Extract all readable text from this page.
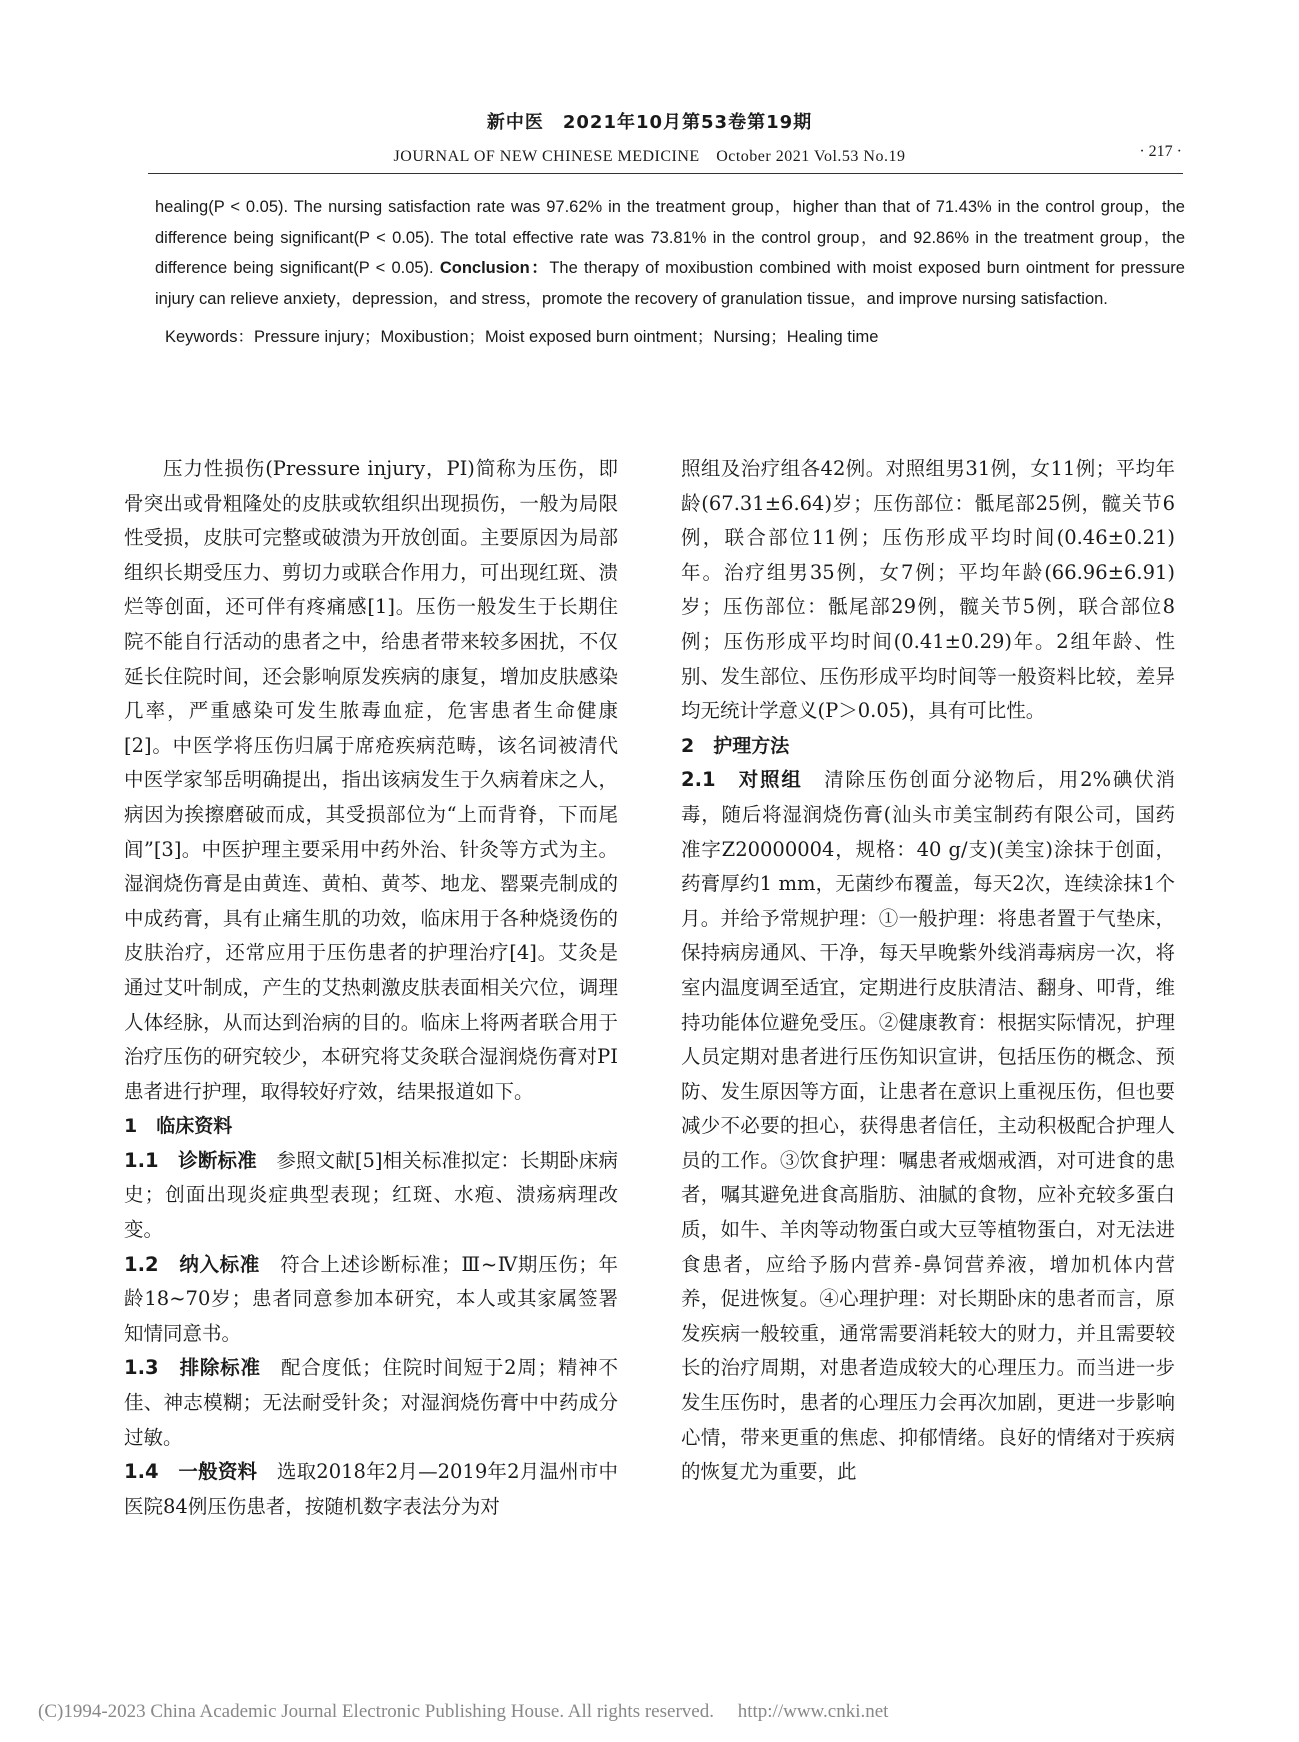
新中医　2021年10月第53卷第19期
JOURNAL OF NEW CHINESE MEDICINE　October 2021 Vol.53 No.19	· 217 ·

healing(P < 0.05). The nursing satisfaction rate was 97.62% in the treatment group，higher than that of 71.43% in the control group，the difference being significant(P < 0.05). The total effective rate was 73.81% in the control group，and 92.86% in the treatment group，the difference being significant(P < 0.05). Conclusion：The therapy of moxibustion combined with moist exposed burn ointment for pressure injury can relieve anxiety，depression，and stress，promote the recovery of granulation tissue，and improve nursing satisfaction.

Keywords：Pressure injury；Moxibustion；Moist exposed burn ointment；Nursing；Healing time

压力性损伤(Pressure injury，PI)简称为压伤，即骨突出或骨粗隆处的皮肤或软组织出现损伤，一般为局限性受损，皮肤可完整或破溃为开放创面。主要原因为局部组织长期受压力、剪切力或联合作用力，可出现红斑、溃烂等创面，还可伴有疼痛感[1]。压伤一般发生于长期住院不能自行活动的患者之中，给患者带来较多困扰，不仅延长住院时间，还会影响原发疾病的康复，增加皮肤感染几率，严重感染可发生脓毒血症，危害患者生命健康[2]。中医学将压伤归属于席疮疾病范畴，该名词被清代中医学家邹岳明确提出，指出该病发生于久病着床之人，病因为挨擦磨破而成，其受损部位为“上而背脊，下而尾闾”[3]。中医护理主要采用中药外治、针灸等方式为主。湿润烧伤膏是由黄连、黄柏、黄芩、地龙、罂粟壳制成的中成药膏，具有止痛生肌的功效，临床用于各种烧烫伤的皮肤治疗，还常应用于压伤患者的护理治疗[4]。艾灸是通过艾叶制成，产生的艾热刺激皮肤表面相关穴位，调理人体经脉，从而达到治病的目的。临床上将两者联合用于治疗压伤的研究较少，本研究将艾灸联合湿润烧伤膏对PI患者进行护理，取得较好疗效，结果报道如下。

1　临床资料

1.1　诊断标准　 参照文献[5]相关标准拟定：长期卧床病史；创面出现炎症典型表现；红斑、水疱、溃疡病理改变。

1.2　纳入标准　 符合上述诊断标准；Ⅲ~Ⅳ期压伤；年龄18~70岁；患者同意参加本研究，本人或其家属签署知情同意书。

1.3　排除标准　 配合度低；住院时间短于2周；精神不佳、神志模糊；无法耐受针灸；对湿润烧伤膏中中药成分过敏。

1.4　一般资料　 选取2018年2月—2019年2月温州市中医院84例压伤患者，按随机数字表法分为对

照组及治疗组各42例。对照组男31例，女11例；平均年龄(67.31±6.64)岁；压伤部位：骶尾部25例，髋关节6例，联合部位11例；压伤形成平均时间(0.46±0.21)年。治疗组男35例，女7例；平均年龄(66.96±6.91)岁；压伤部位：骶尾部29例，髋关节5例，联合部位8例；压伤形成平均时间(0.41±0.29)年。2组年龄、性别、发生部位、压伤形成平均时间等一般资料比较，差异均无统计学意义(P＞0.05)，具有可比性。

2　护理方法

2.1　对照组　 清除压伤创面分泌物后，用2%碘伏消毒，随后将湿润烧伤膏(汕头市美宝制药有限公司，国药准字Z20000004，规格：40 g/支)(美宝)涂抹于创面，药膏厚约1 mm，无菌纱布覆盖，每天2次，连续涂抹1个月。并给予常规护理：①一般护理：将患者置于气垫床，保持病房通风、干净，每天早晚紫外线消毒病房一次，将室内温度调至适宜，定期进行皮肤清洁、翻身、叩背，维持功能体位避免受压。②健康教育：根据实际情况，护理人员定期对患者进行压伤知识宣讲，包括压伤的概念、预防、发生原因等方面，让患者在意识上重视压伤，但也要减少不必要的担心，获得患者信任，主动积极配合护理人员的工作。③饮食护理：嘱患者戒烟戒酒，对可进食的患者，嘱其避免进食高脂肪、油腻的食物，应补充较多蛋白质，如牛、羊肉等动物蛋白或大豆等植物蛋白，对无法进食患者，应给予肠内营养-鼻饲营养液，增加机体内营养，促进恢复。④心理护理：对长期卧床的患者而言，原发疾病一般较重，通常需要消耗较大的财力，并且需要较长的治疗周期，对患者造成较大的心理压力。而当进一步发生压伤时，患者的心理压力会再次加剧，更进一步影响心情，带来更重的焦虑、抑郁情绪。良好的情绪对于疾病的恢复尤为重要，此

(C)1994-2023 China Academic Journal Electronic Publishing House. All rights reserved.　 http://www.cnki.net
